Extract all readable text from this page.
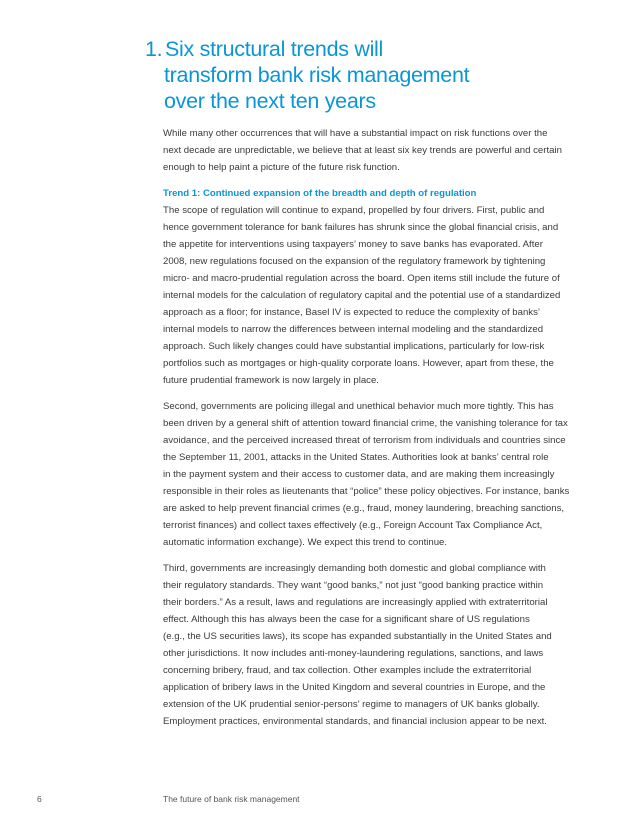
1. Six structural trends will
transform bank risk management
over the next ten years

While many other occurrences that will have a substantial impact on risk functions over the
next decade are unpredictable, we believe that at least six key trends are powerful and certain
enough to help paint a picture of the future risk function.

Trend 1: Continued expansion of the breadth and depth of regulation
The scope of regulation will continue to expand, propelled by four drivers. First, public and
hence government tolerance for bank failures has shrunk since the global financial crisis, and
the appetite for interventions using taxpayers’ money to save banks has evaporated. After
2008, new regulations focused on the expansion of the regulatory framework by tightening
micro- and macro-prudential regulation across the board. Open items still include the future of
internal models for the calculation of regulatory capital and the potential use of a standardized
approach as a floor; for instance, Basel IV is expected to reduce the complexity of banks’
internal models to narrow the differences between internal modeling and the standardized
approach. Such likely changes could have substantial implications, particularly for low-risk
portfolios such as mortgages or high-quality corporate loans. However, apart from these, the
future prudential framework is now largely in place.

Second, governments are policing illegal and unethical behavior much more tightly. This has
been driven by a general shift of attention toward financial crime, the vanishing tolerance for tax
avoidance, and the perceived increased threat of terrorism from individuals and countries since
the September 11, 2001, attacks in the United States. Authorities look at banks’ central role
in the payment system and their access to customer data, and are making them increasingly
responsible in their roles as lieutenants that “police” these policy objectives. For instance, banks
are asked to help prevent financial crimes (e.g., fraud, money laundering, breaching sanctions,
terrorist finances) and collect taxes effectively (e.g., Foreign Account Tax Compliance Act,
automatic information exchange). We expect this trend to continue.

Third, governments are increasingly demanding both domestic and global compliance with
their regulatory standards. They want “good banks,” not just “good banking practice within
their borders.” As a result, laws and regulations are increasingly applied with extraterritorial
effect. Although this has always been the case for a significant share of US regulations
(e.g., the US securities laws), its scope has expanded substantially in the United States and
other jurisdictions. It now includes anti-money-laundering regulations, sanctions, and laws
concerning bribery, fraud, and tax collection. Other examples include the extraterritorial
application of bribery laws in the United Kingdom and several countries in Europe, and the
extension of the UK prudential senior-persons’ regime to managers of UK banks globally.
Employment practices, environmental standards, and financial inclusion appear to be next.

6	The future of bank risk management
